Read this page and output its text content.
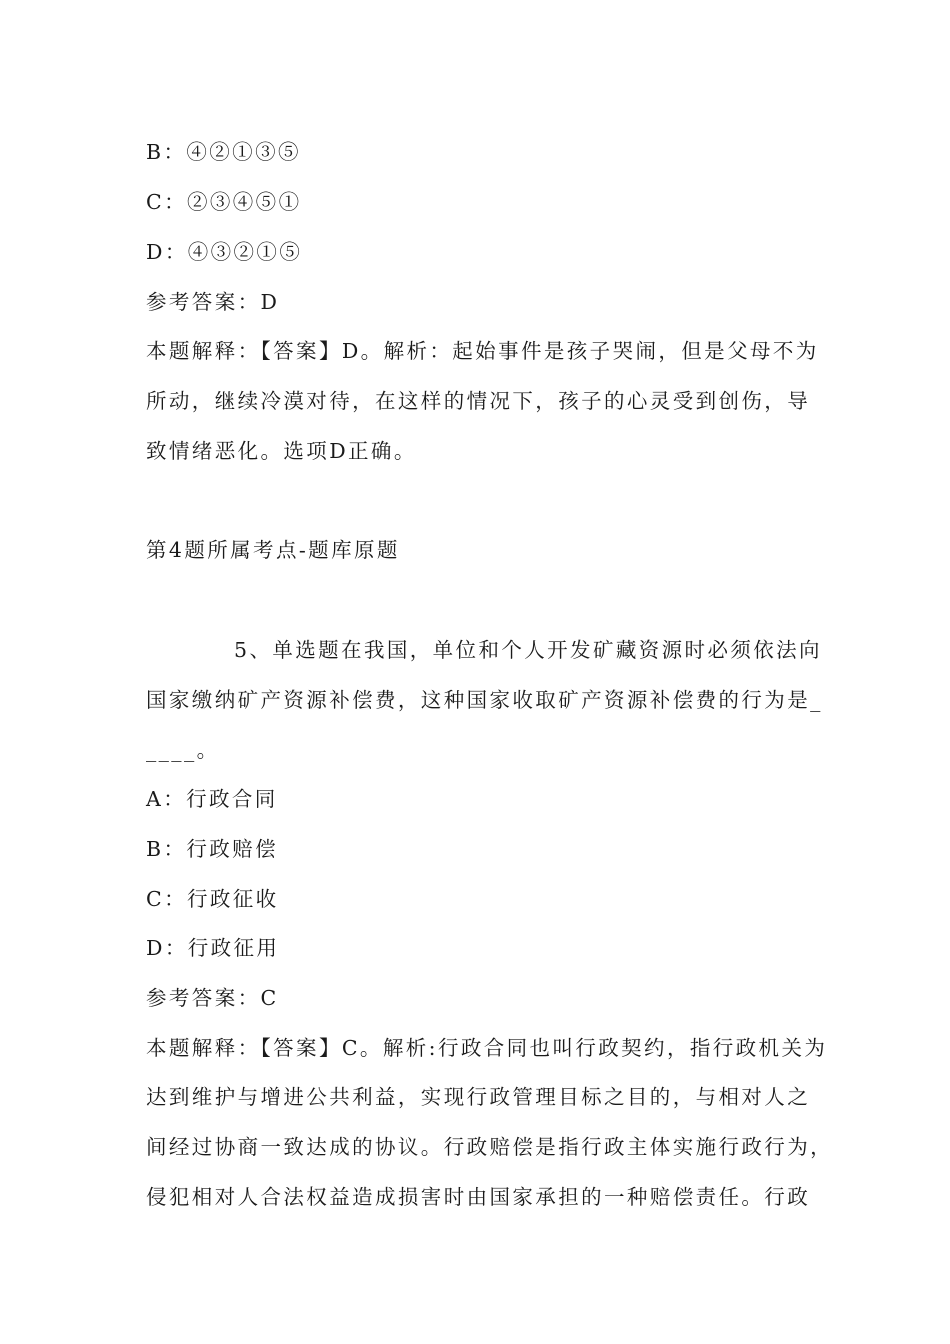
B：④②①③⑤
C：②③④⑤①
D：④③②①⑤
参考答案：D
本题解释：【答案】D。解析：起始事件是孩子哭闹，但是父母不为
所动，继续冷漠对待，在这样的情况下，孩子的心灵受到创伤，导
致情绪恶化。选项D正确。
第4题所属考点-题库原题
5、单选题在我国，单位和个人开发矿藏资源时必须依法向
国家缴纳矿产资源补偿费，这种国家收取矿产资源补偿费的行为是_
____。
A：行政合同
B：行政赔偿
C：行政征收
D：行政征用
参考答案：C
本题解释：【答案】C。解析:行政合同也叫行政契约，指行政机关为
达到维护与增进公共利益，实现行政管理目标之目的，与相对人之
间经过协商一致达成的协议。行政赔偿是指行政主体实施行政行为，
侵犯相对人合法权益造成损害时由国家承担的一种赔偿责任。行政
